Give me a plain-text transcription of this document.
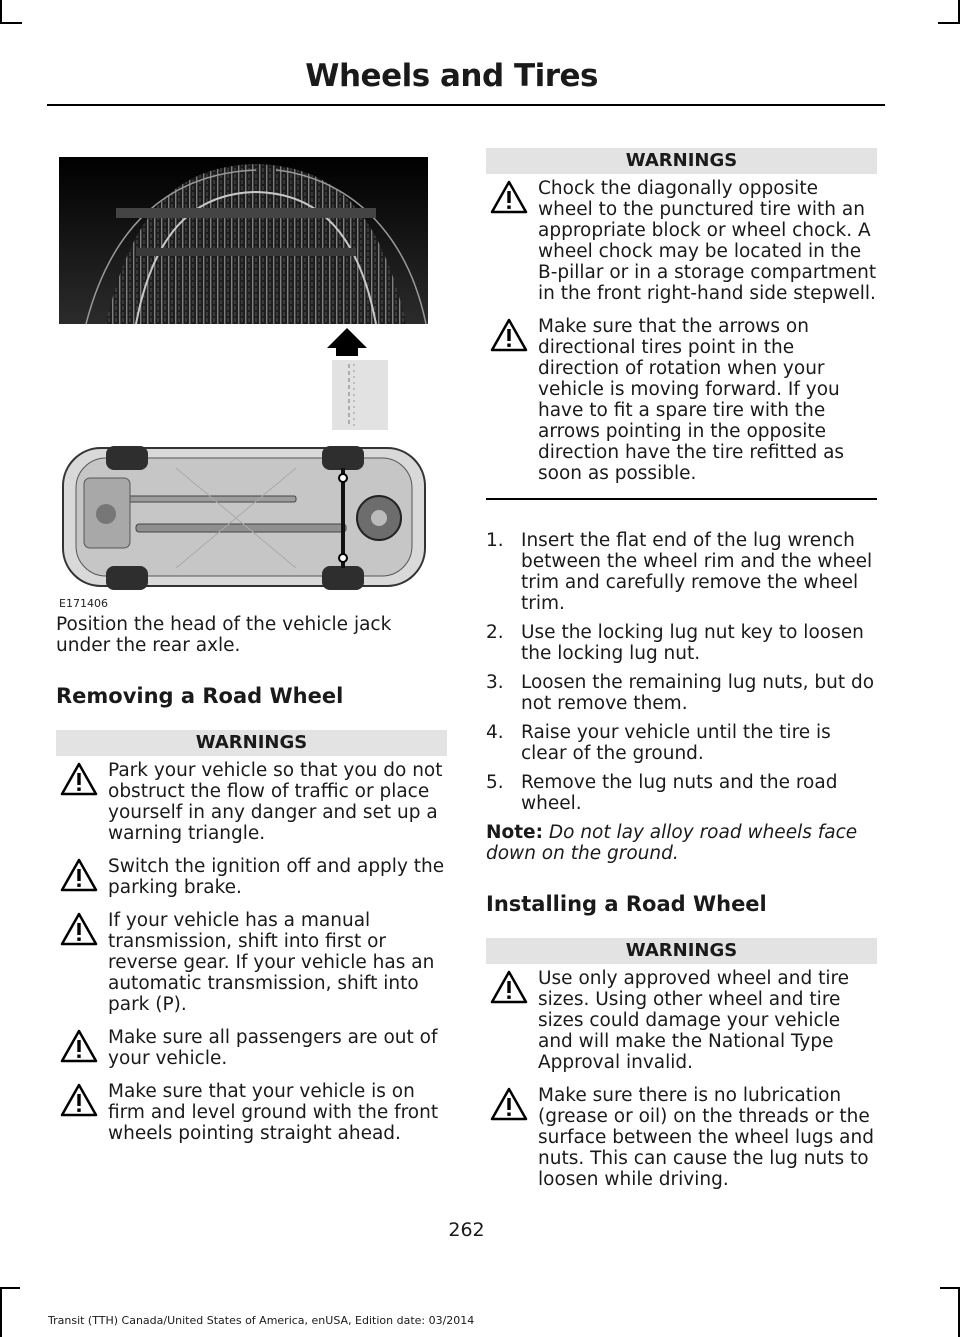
Wheels and Tires
E171406

Position the head of the vehicle jack under the rear axle.

Removing a Road Wheel
WARNINGS

Park your vehicle so that you do not obstruct the flow of traffic or place yourself in any danger and set up a warning triangle.

Switch the ignition off and apply the parking brake.

If your vehicle has a manual transmission, shift into first or reverse gear. If your vehicle has an automatic transmission, shift into park (P).

Make sure all passengers are out of your vehicle.

Make sure that your vehicle is on firm and level ground with the front wheels pointing straight ahead.

WARNINGS

Chock the diagonally opposite wheel to the punctured tire with an appropriate block or wheel chock. A wheel chock may be located in the B-pillar or in a storage compartment in the front right-hand side stepwell.

Make sure that the arrows on directional tires point in the direction of rotation when your vehicle is moving forward. If you have to fit a spare tire with the arrows pointing in the opposite direction have the tire refitted as soon as possible.

1. Insert the flat end of the lug wrench between the wheel rim and the wheel trim and carefully remove the wheel trim.
2. Use the locking lug nut key to loosen the locking lug nut.
3. Loosen the remaining lug nuts, but do not remove them.
4. Raise your vehicle until the tire is clear of the ground.
5. Remove the lug nuts and the road wheel.

Note: Do not lay alloy road wheels face down on the ground.

Installing a Road Wheel
WARNINGS

Use only approved wheel and tire sizes. Using other wheel and tire sizes could damage your vehicle and will make the National Type Approval invalid.

Make sure there is no lubrication (grease or oil) on the threads or the surface between the wheel lugs and nuts. This can cause the lug nuts to loosen while driving.

262
Transit (TTH) Canada/United States of America, enUSA, Edition date: 03/2014
